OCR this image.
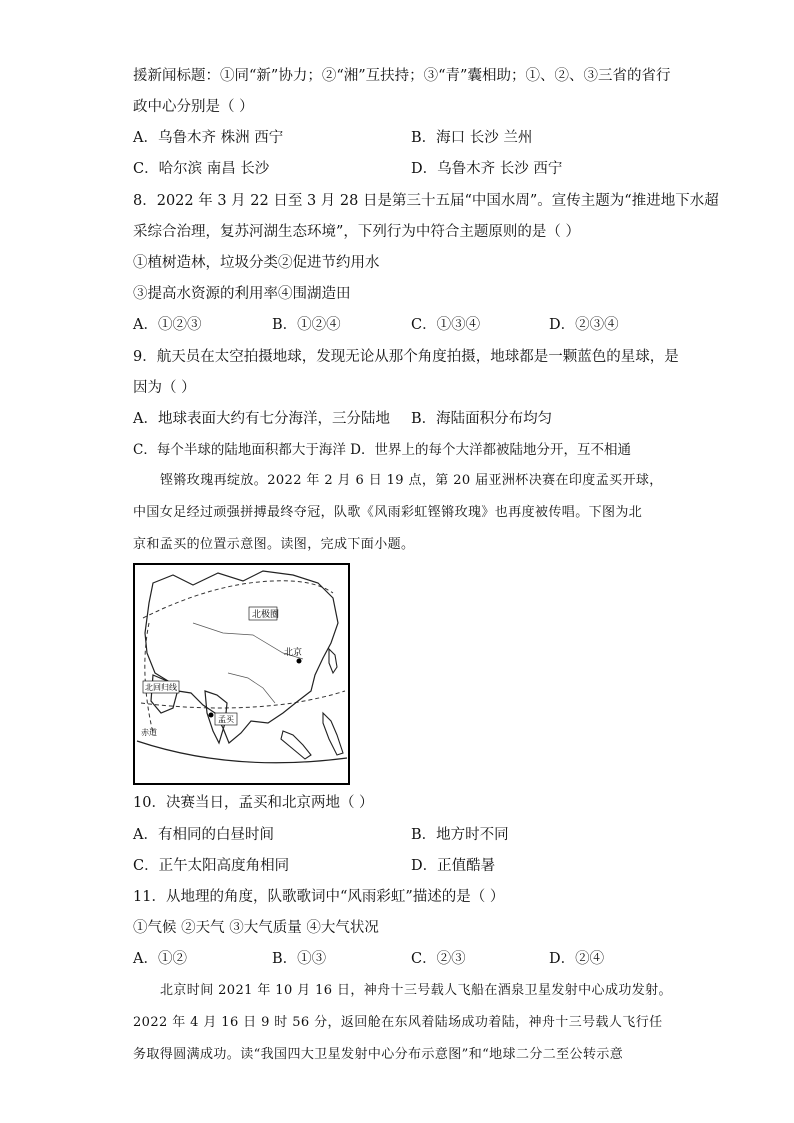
援新闻标题：①同“新”协力；②“湘”互扶持；③“青”囊相助；①、②、③三省的省行
政中心分别是（ ）
A．乌鲁木齐 株洲 西宁	B．海口 长沙 兰州
C．哈尔滨 南昌 长沙	D．乌鲁木齐 长沙 西宁
8．2022 年 3 月 22 日至 3 月 28 日是第三十五届“中国水周”。宣传主题为“推进地下水超
采综合治理，复苏河湖生态环境”，下列行为中符合主题原则的是（ ）
①植树造林，垃圾分类②促进节约用水
③提高水资源的利用率④围湖造田
A．①②③	B．①②④	C．①③④	D．②③④
9．航天员在太空拍摄地球，发现无论从那个角度拍摄，地球都是一颗蓝色的星球，是
因为（ ）
A．地球表面大约有七分海洋，三分陆地 B．海陆面积分布均匀
C．每个半球的陆地面积都大于海洋 D．世界上的每个大洋都被陆地分开，互不相通
铿锵玫瑰再绽放。2022 年 2 月 6 日 19 点，第 20 届亚洲杯决赛在印度孟买开球，
中国女足经过顽强拼搏最终夺冠，队歌《风雨彩虹铿锵玫瑰》也再度被传唱。下图为北
京和孟买的位置示意图。读图，完成下面小题。
北极圈
北京
北回归线
孟买
赤道
10．决赛当日，孟买和北京两地（ ）
A．有相同的白昼时间	B．地方时不同
C．正午太阳高度角相同	D．正值酷暑
11．从地理的角度，队歌歌词中“风雨彩虹”描述的是（ ）
①气候 ②天气 ③大气质量 ④大气状况
A．①②	B．①③	C．②③	D．②④
北京时间 2021 年 10 月 16 日，神舟十三号载人飞船在酒泉卫星发射中心成功发射。
2022 年 4 月 16 日 9 时 56 分，返回舱在东风着陆场成功着陆，神舟十三号载人飞行任
务取得圆满成功。读“我国四大卫星发射中心分布示意图”和“地球二分二至公转示意
